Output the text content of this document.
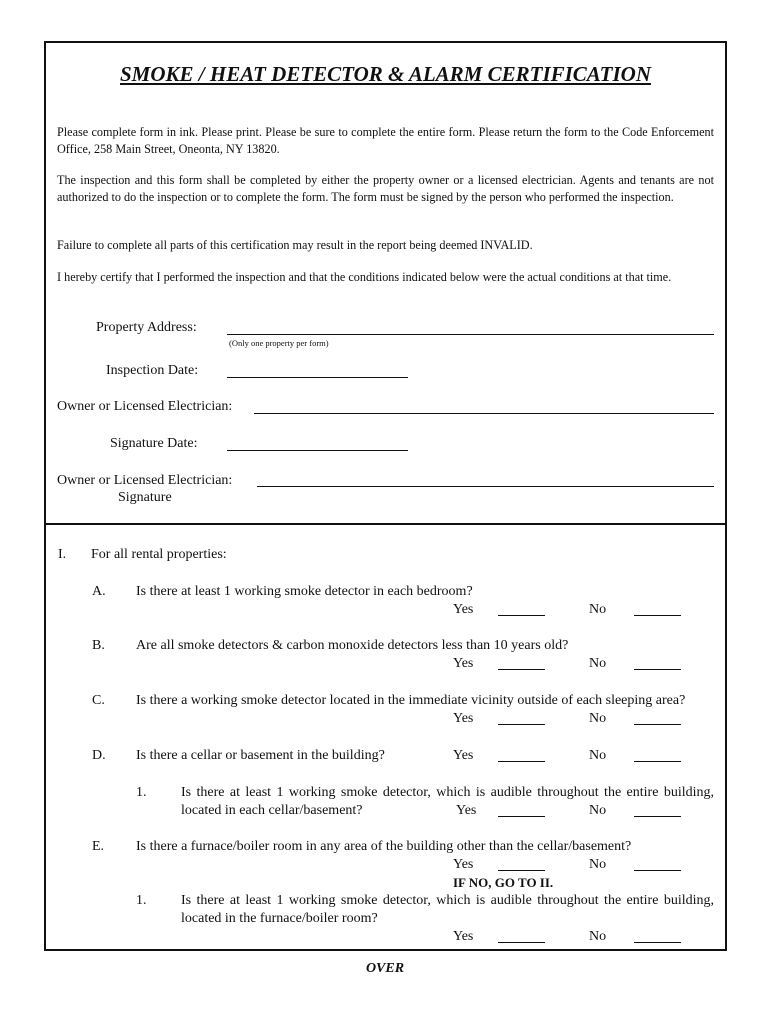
SMOKE / HEAT DETECTOR & ALARM CERTIFICATION
Please complete form in ink. Please print. Please be sure to complete the entire form. Please return the form to the Code Enforcement Office, 258 Main Street, Oneonta, NY 13820.
The inspection and this form shall be completed by either the property owner or a licensed electrician. Agents and tenants are not authorized to do the inspection or to complete the form. The form must be signed by the person who performed the inspection.
Failure to complete all parts of this certification may result in the report being deemed INVALID.
I hereby certify that I performed the inspection and that the conditions indicated below were the actual conditions at that time.
Property Address:
(Only one property per form)
Inspection Date:
Owner or Licensed Electrician:
Signature Date:
Owner or Licensed Electrician:
Signature
I. For all rental properties:
A. Is there at least 1 working smoke detector in each bedroom?
Yes	No
B. Are all smoke detectors & carbon monoxide detectors less than 10 years old?
Yes	No
C. Is there a working smoke detector located in the immediate vicinity outside of each sleeping area?
Yes	No
D. Is there a cellar or basement in the building?	Yes	No
1. Is there at least 1 working smoke detector, which is audible throughout the entire building, located in each cellar/basement?	Yes	No
E. Is there a furnace/boiler room in any area of the building other than the cellar/basement?
Yes	No
IF NO, GO TO II.
1. Is there at least 1 working smoke detector, which is audible throughout the entire building, located in the furnace/boiler room?
Yes	No
OVER
